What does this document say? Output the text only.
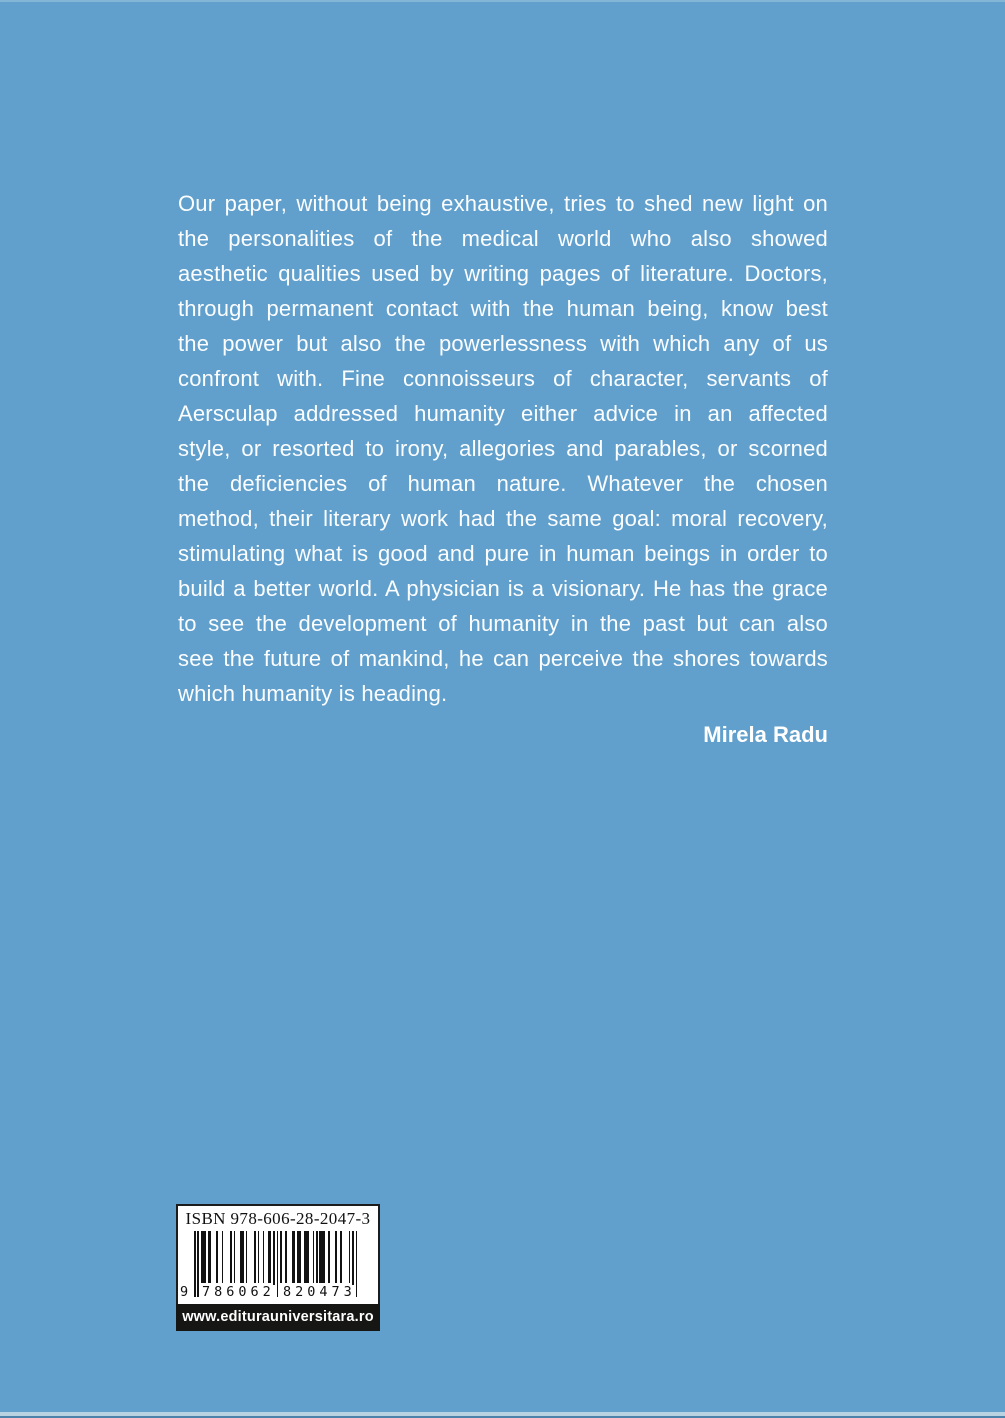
Our paper, without being exhaustive, tries to shed new light on
the personalities of the medical world who also showed
aesthetic qualities used by writing pages of literature. Doctors,
through permanent contact with the human being, know best
the power but also the powerlessness with which any of us
confront with. Fine connoisseurs of character, servants of
Aersculap addressed humanity either advice in an affected
style, or resorted to irony, allegories and parables, or scorned
the deficiencies of human nature. Whatever the chosen
method, their literary work had the same goal: moral recovery,
stimulating what is good and pure in human beings in order to
build a better world. A physician is a visionary. He has the grace
to see the development of humanity in the past but can also
see the future of mankind, he can perceive the shores towards
which humanity is heading.
Mirela Radu
ISBN 978-606-28-2047-3
9 786062 820473
www.editurauniversitara.ro
